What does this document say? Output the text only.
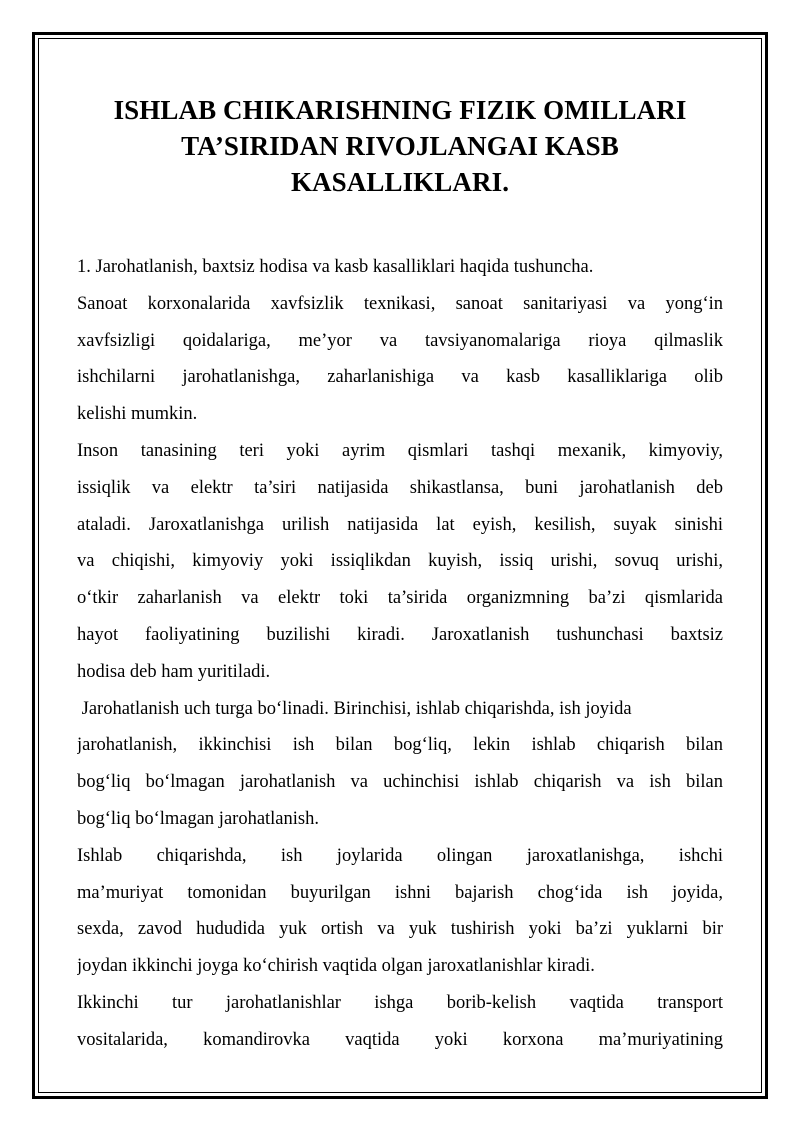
ISHLAB CHIKARISHNING FIZIK OMILLARI
TA’SIRIDAN RIVOJLANGAI KASB
KASALLIKLARI.
1. Jarohatlanish, baxtsiz hodisa va kasb kasalliklari haqida tushuncha.
Sanoat korxonalarida xavfsizlik texnikasi, sanoat sanitariyasi va yong‘in
xavfsizligi qoidalariga, me’yor va tavsiyanomalariga rioya qilmaslik
ishchilarni jarohatlanishga, zaharlanishiga va kasb kasalliklariga olib
kelishi mumkin.
Inson tanasining teri yoki ayrim qismlari tashqi mexanik, kimyoviy,
issiqlik va elektr ta’siri natijasida shikastlansa, buni jarohatlanish deb
ataladi. Jaroxatlanishga urilish natijasida lat eyish, kesilish, suyak sinishi
va chiqishi, kimyoviy yoki issiqlikdan kuyish, issiq urishi, sovuq urishi,
o‘tkir zaharlanish va elektr toki ta’sirida organizmning ba’zi qismlarida
hayot faoliyatining buzilishi kiradi. Jaroxatlanish tushunchasi baxtsiz
hodisa deb ham yuritiladi.
Jarohatlanish uch turga bo‘linadi. Birinchisi, ishlab chiqarishda, ish joyida
jarohatlanish, ikkinchisi ish bilan bog‘liq, lekin ishlab chiqarish bilan
bog‘liq bo‘lmagan jarohatlanish va uchinchisi ishlab chiqarish va ish bilan
bog‘liq bo‘lmagan jarohatlanish.
Ishlab chiqarishda, ish joylarida olingan jaroxatlanishga, ishchi
ma’muriyat tomonidan buyurilgan ishni bajarish chog‘ida ish joyida,
sexda, zavod hududida yuk ortish va yuk tushirish yoki ba’zi yuklarni bir
joydan ikkinchi joyga ko‘chirish vaqtida olgan jaroxatlanishlar kiradi.
Ikkinchi tur jarohatlanishlar ishga borib-kelish vaqtida transport
vositalarida, komandirovka vaqtida yoki korxona ma’muriyatining
